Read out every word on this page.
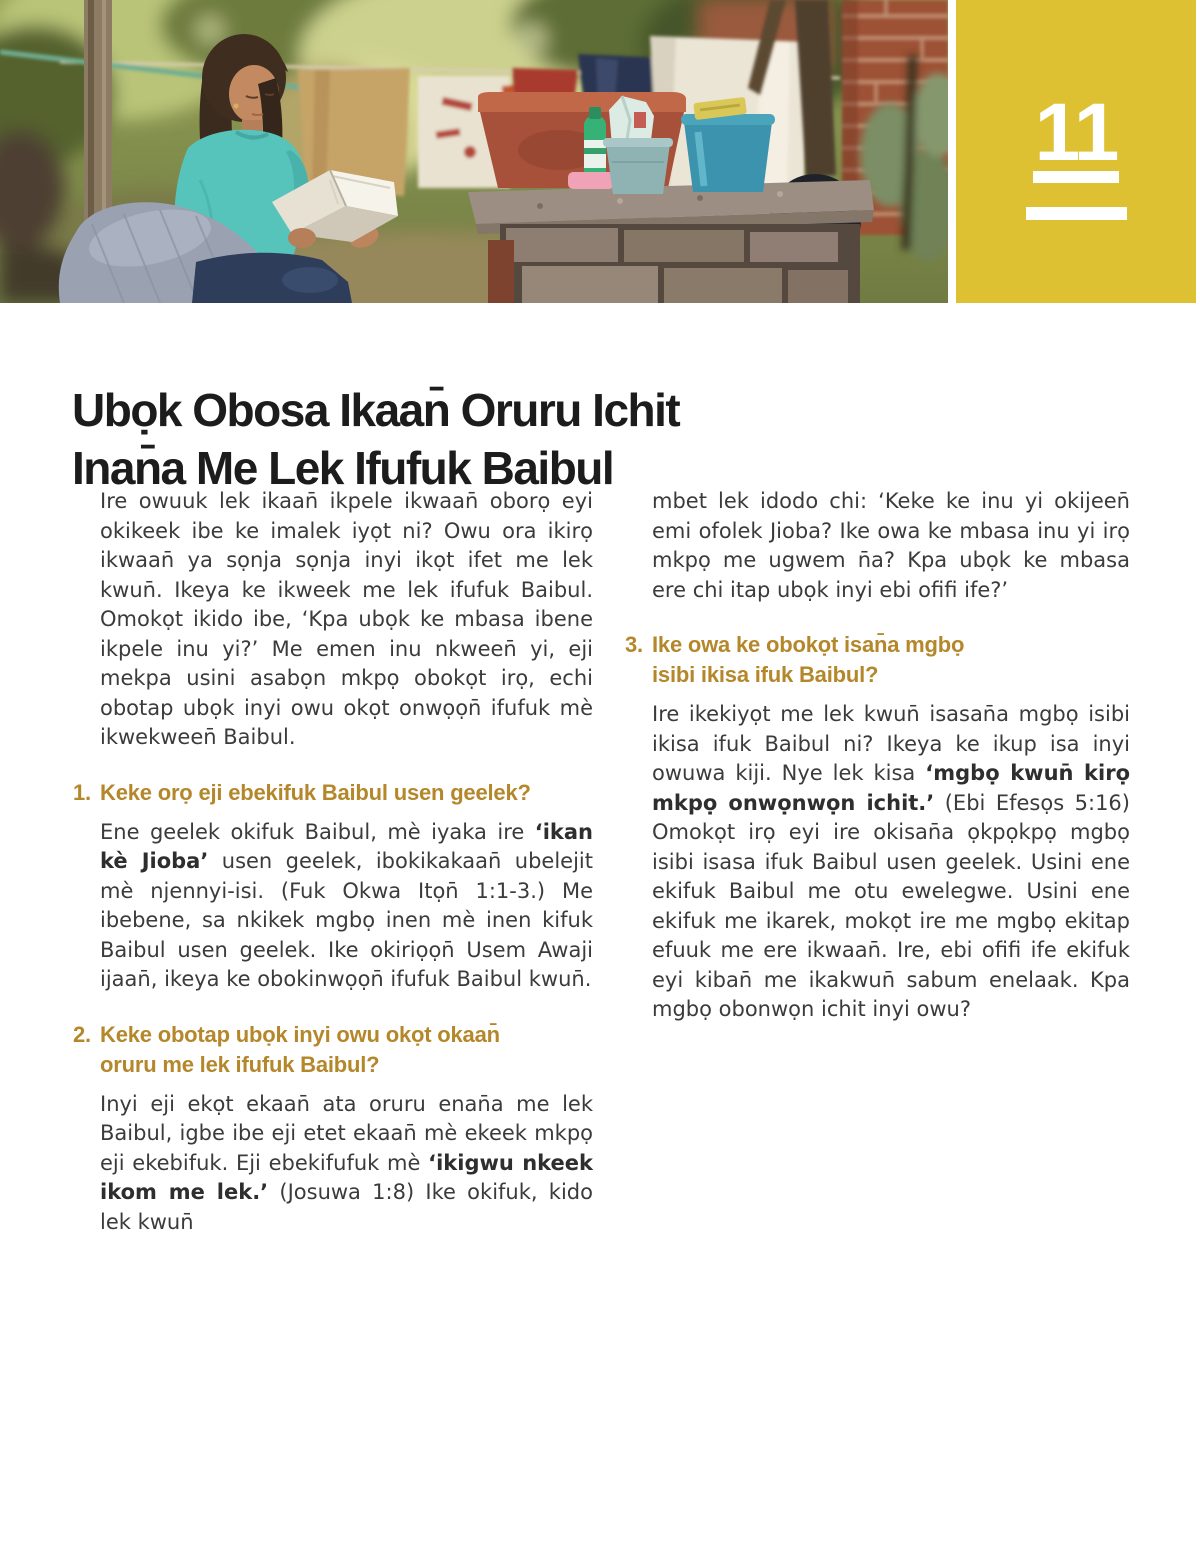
11
Ubọk Obosa Ikaan̄ Oruru Ichit
Inan̄a Me Lek Ifufuk Baibul

Ire owuuk lek ikaan̄ ikpele ikwaan̄ oborọ eyi okikeek ibe ke imalek iyọt ni? Owu ora ikirọ ikwaan̄ ya sọnja sọnja inyi ikọt ifet me lek kwun̄. Ikeya ke ikweek me lek ifufuk Baibul. Omokọt ikido ibe, ‘Kpa ubọk ke mbasa ibene ikpele inu yi?’ Me emen inu nkween̄ yi, eji mekpa usini asabọn mkpọ obokọt irọ, echi obotap ubọk inyi owu okọt onwọọn̄ ifufuk mè ikwekween̄ Baibul.

1. Keke orọ eji ebekifuk Baibul usen geelek?

Ene geelek okifuk Baibul, mè iyaka ire ‘ikan kè Jioba’ usen geelek, ibokikakaan̄ ubelejit mè njennyi-isi. (Fuk Okwa Itọn̄ 1:1-3.) Me ibebene, sa nkikek mgbọ inen mè inen kifuk Baibul usen geelek. Ike okiriọọn̄ Usem Awaji ijaan̄, ikeya ke obokinwọọn̄ ifufuk Baibul kwun̄.

2. Keke obotap ubọk inyi owu okọt okaan̄
oruru me lek ifufuk Baibul?

Inyi eji ekọt ekaan̄ ata oruru enan̄a me lek Baibul, igbe ibe eji etet ekaan̄ mè ekeek mkpọ eji ekebifuk. Eji ebekifufuk mè ‘ikigwu nkeek ikom me lek.’ (Josuwa 1:8) Ike okifuk, kido lek kwun̄

mbet lek idodo chi: ‘Keke ke inu yi okijeen̄ emi ofolek Jioba? Ike owa ke mbasa inu yi irọ mkpọ me ugwem n̄a? Kpa ubọk ke mbasa ere chi itap ubọk inyi ebi ofifi ife?’

3. Ike owa ke obokọt isan̄a mgbọ
isibi ikisa ifuk Baibul?

Ire ikekiyọt me lek kwun̄ isasan̄a mgbọ isibi ikisa ifuk Baibul ni? Ikeya ke ikup isa inyi owuwa kiji. Nye lek kisa ‘mgbọ kwun̄ kirọ mkpọ onwọnwọn ichit.’ (Ebi Efesọs 5:16) Omokọt irọ eyi ire okisan̄a ọkpọkpọ mgbọ isibi isasa ifuk Baibul usen geelek. Usini ene ekifuk Baibul me otu ewelegwe. Usini ene ekifuk me ikarek, mokọt ire me mgbọ ekitap efuuk me ere ikwaan̄. Ire, ebi ofifi ife ekifuk eyi kiban̄ me ikakwun̄ sabum enelaak. Kpa mgbọ obonwọn ichit inyi owu?
